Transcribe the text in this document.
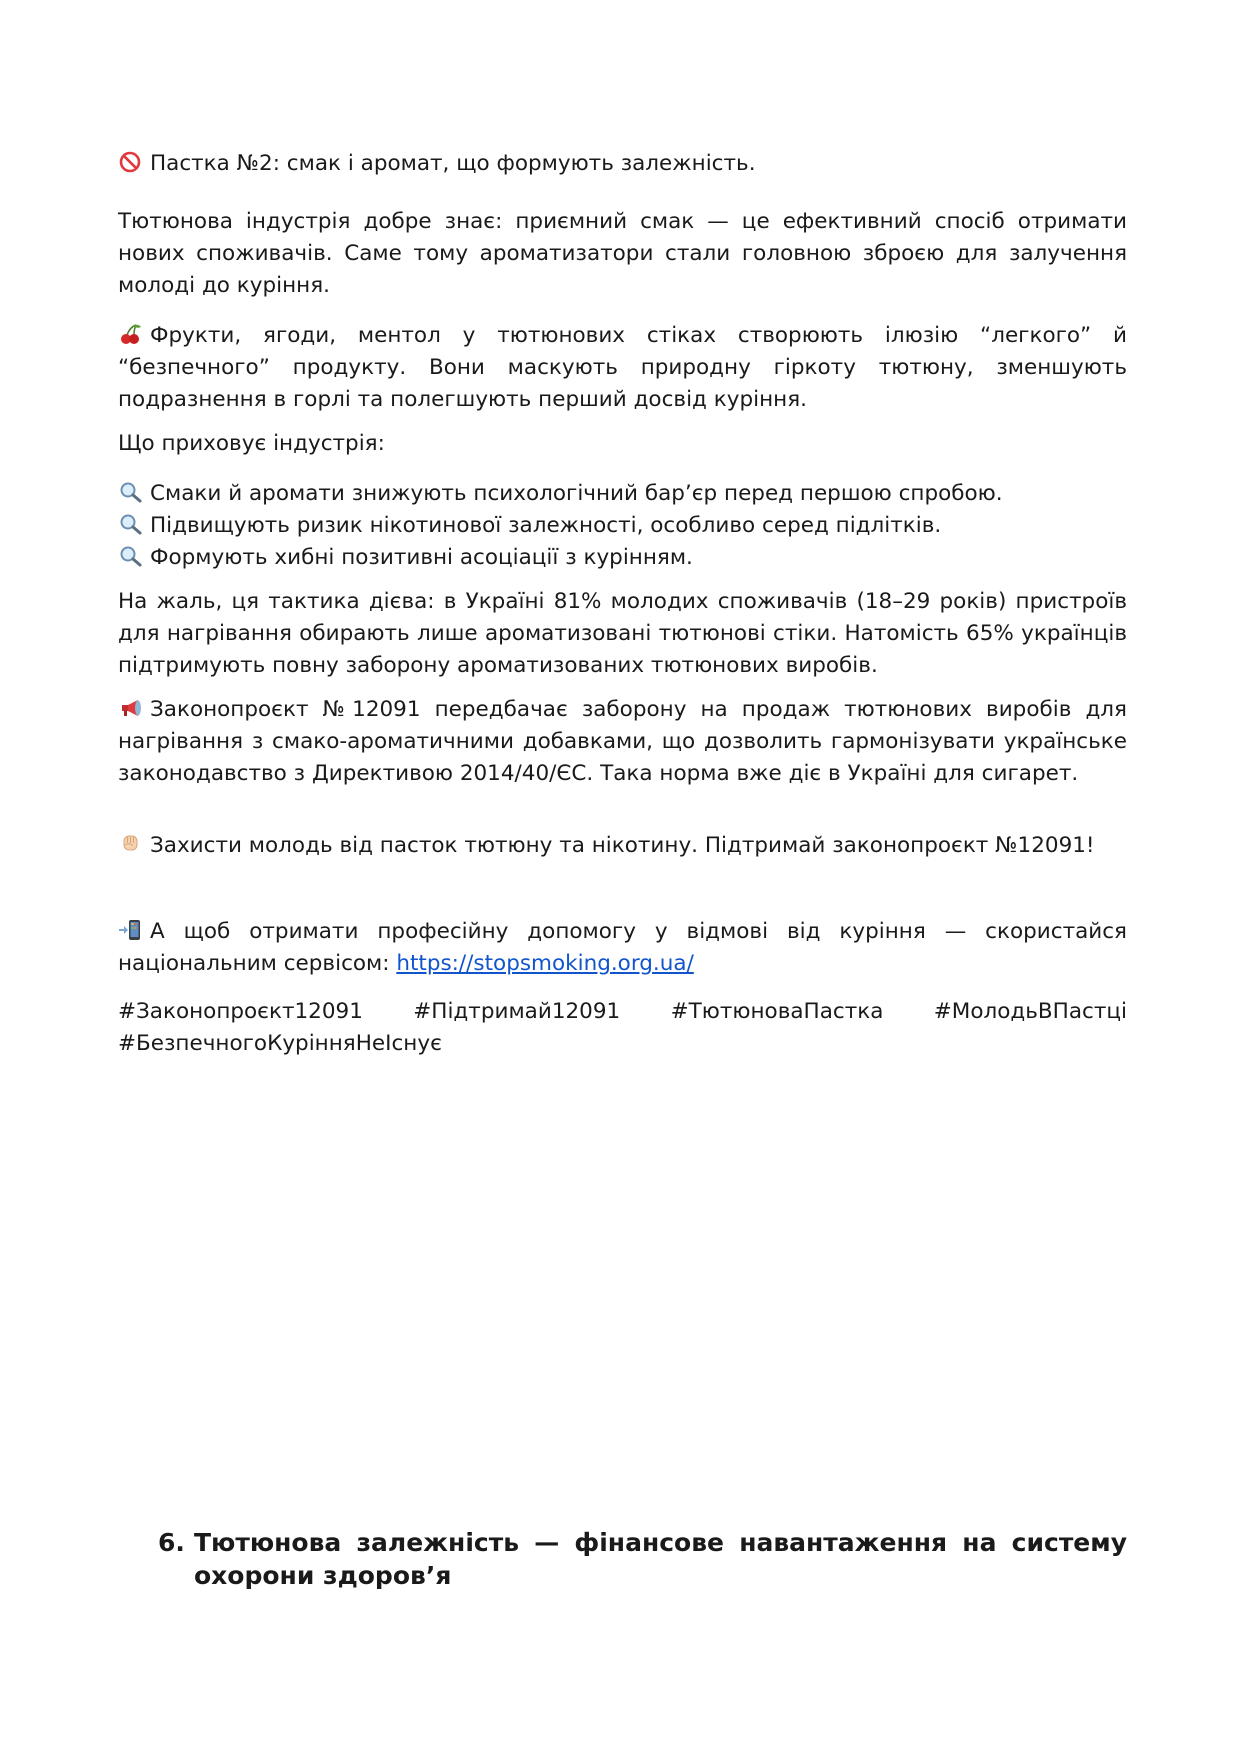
Пастка №2: смак і аромат, що формують залежність.
Тютюнова індустрія добре знає: приємний смак — це ефективний спосіб отримати нових споживачів. Саме тому ароматизатори стали головною зброєю для залучення молоді до куріння.
Фрукти, ягоди, ментол у тютюнових стіках створюють ілюзію “легкого” й “безпечного” продукту. Вони маскують природну гіркоту тютюну, зменшують подразнення в горлі та полегшують перший досвід куріння.
Що приховує індустрія:
Смаки й аромати знижують психологічний бар’єр перед першою спробою.
Підвищують ризик нікотинової залежності, особливо серед підлітків.
Формують хибні позитивні асоціації з курінням.
На жаль, ця тактика дієва: в Україні 81% молодих споживачів (18–29 років) пристроїв для нагрівання обирають лише ароматизовані тютюнові стіки. Натомість 65% українців підтримують повну заборону ароматизованих тютюнових виробів.
Законопроєкт №12091 передбачає заборону на продаж тютюнових виробів для нагрівання з смако-ароматичними добавками, що дозволить гармонізувати українське законодавство з Директивою 2014/40/ЄС. Така норма вже діє в Україні для сигарет.
Захисти молодь від пасток тютюну та нікотину. Підтримай законопроєкт №12091!
А щоб отримати професійну допомогу у відмові від куріння — скористайся національним сервісом: https://stopsmoking.org.ua/
#Законопроєкт12091 #Підтримай12091 #ТютюноваПастка #МолодьВПастці
#БезпечногоКурінняНеІснує
6. Тютюнова залежність — фінансове навантаження на систему охорони здоров’я
